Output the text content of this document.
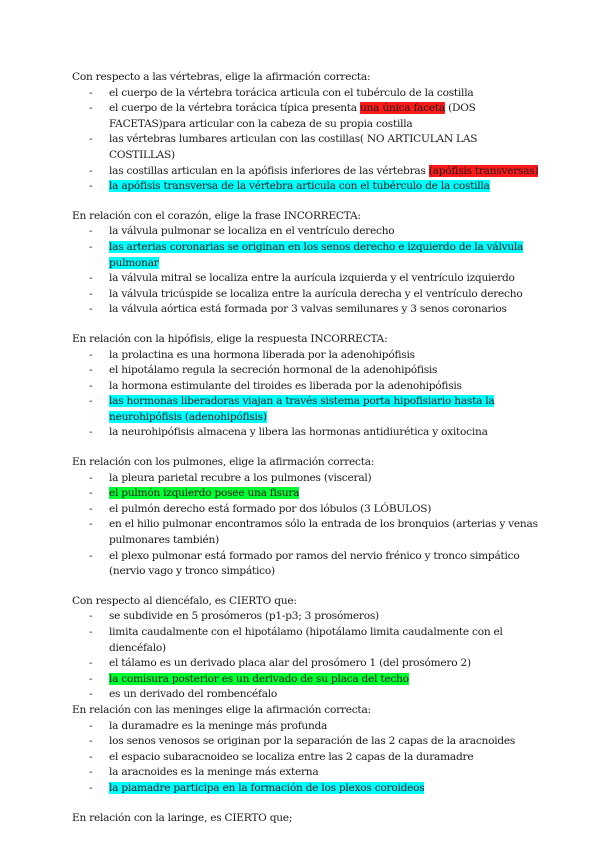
Con respecto a las vértebras, elige la afirmación correcta:
- el cuerpo de la vértebra torácica articula con el tubérculo de la costilla
- el cuerpo de la vértebra torácica típica presenta una única faceta (DOS FACETAS)para articular con la cabeza de su propia costilla
- las vértebras lumbares articulan con las costillas( NO ARTICULAN LAS COSTILLAS)
- las costillas articulan en la apófisis inferiores de las vértebras (apófisis transversas)
- la apófisis transversa de la vértebra articula con el tubérculo de la costilla
En relación con el corazón, elige la frase INCORRECTA:
- la válvula pulmonar se localiza en el ventrículo derecho
- las arterias coronarias se originan en los senos derecho e izquierdo de la válvula pulmonar
- la válvula mitral se localiza entre la aurícula izquierda y el ventrículo izquierdo
- la válvula tricúspide se localiza entre la aurícula derecha y el ventrículo derecho
- la válvula aórtica está formada por 3 valvas semilunares y 3 senos coronarios
En relación con la hipófisis, elige la respuesta INCORRECTA:
- la prolactina es una hormona liberada por la adenohipófisis
- el hipotálamo regula la secreción hormonal de la adenohipófisis
- la hormona estimulante del tiroides es liberada por la adenohipófisis
- las hormonas liberadoras viajan a través sistema porta hipofisiario hasta la neurohipófisis (adenohipófisis)
- la neurohipófisis almacena y libera las hormonas antidiurética y oxitocina
En relación con los pulmones, elige la afirmación correcta:
- la pleura parietal recubre a los pulmones (visceral)
- el pulmón izquierdo posee una fisura
- el pulmón derecho está formado por dos lóbulos (3 LÓBULOS)
- en el hilio pulmonar encontramos sólo la entrada de los bronquios (arterias y venas pulmonares también)
- el plexo pulmonar está formado por ramos del nervio frénico y tronco simpático (nervio vago y tronco simpático)
Con respecto al diencéfalo, es CIERTO que:
- se subdivide en 5 prosómeros (p1-p3; 3 prosómeros)
- limita caudalmente con el hipotálamo (hipotálamo limita caudalmente con el diencéfalo)
- el tálamo es un derivado placa alar del prosómero 1 (del prosómero 2)
- la comisura posterior es un derivado de su placa del techo
- es un derivado del rombencéfalo
En relación con las meninges elige la afirmación correcta:
- la duramadre es la meninge más profunda
- los senos venosos se originan por la separación de las 2 capas de la aracnoides
- el espacio subaracnoideo se localiza entre las 2 capas de la duramadre
- la aracnoides es la meninge más externa
- la piamadre participa en la formación de los plexos coroideos
En relación con la laringe, es CIERTO que;
